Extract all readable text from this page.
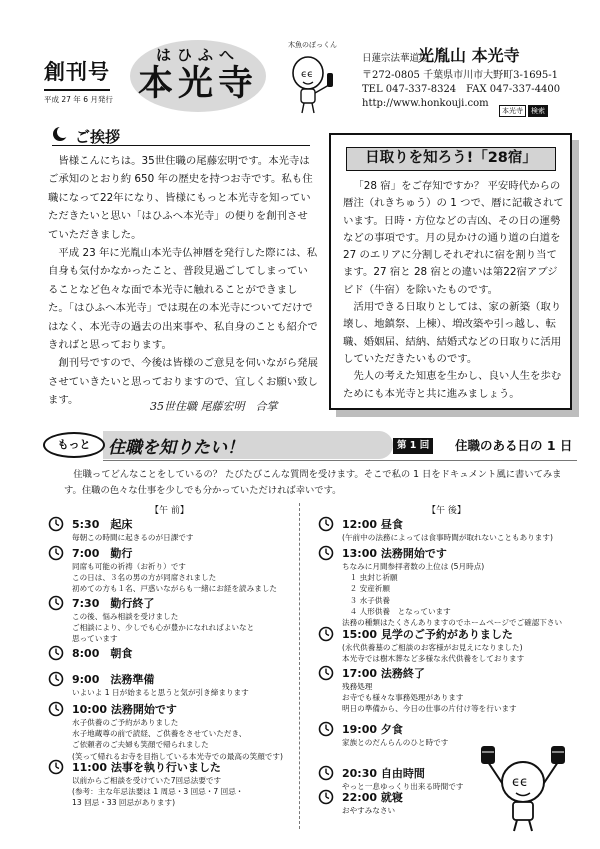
創刊号
平成 27 年 6 月発行
はひふへ
本光寺
木魚のぼっくん
ϵϵ
日蓮宗法華道場
光胤山 本光寺
〒272-0805 千葉県市川市大野町3-1695-1
TEL 047-337-8324　FAX 047-337-4400
http://www.honkouji.com
本光寺 検索
ご挨拶

皆様こんにちは。35世住職の尾藤宏明です。本光寺はご承知のとおり約 650 年の歴史を持つお寺です。私も住職になって22年になり、皆様にもっと本光寺を知っていただきたいと思い「はひふへ本光寺」の便りを創刊させていただきました。

平成 23 年に光胤山本光寺仏神暦を発行した際には、私自身も気付かなかったこと、普段見過ごしてしまっていることなど色々な面で本光寺に触れることができました。「はひふへ本光寺」では現在の本光寺についてだけではなく、本光寺の過去の出来事や、私自身のことも紹介できればと思っております。

創刊号ですので、今後は皆様のご意見を伺いながら発展させていきたいと思っておりますので、宜しくお願い致します。	35世住職 尾藤宏明　合掌
日取りを知ろう!「28宿」

「28 宿」をご存知ですか？ 平安時代からの暦注（れきちゅう）の 1 つで、暦に記載されています。日時・方位などの吉凶、その日の運勢などの事項です。月の見かけの通り道の白道を 27 のエリアに分割しそれぞれに宿を割り当てます。27 宿と 28 宿との違いは第22宿アブジビド（牛宿）を除いたものです。

活用できる日取りとしては、家の新築（取り壊し、地鎮祭、上棟）、増改築や引っ越し、転職、婚姻届、結納、結婚式などの日取りに活用していただきたいものです。

先人の考えた知恵を生かし、良い人生を歩むためにも本光寺と共に進みましょう。

もっと	住職を知りたい！	第 1 回	住職のある日の 1 日

住職ってどんなことをしているの？ たびたびこんな質問を受けます。そこで私の 1 日をドキュメント風に書いてみます。住職の色々な仕事を少しでも分かっていただければ幸いです。

【午 前】	【午 後】
5:30　起床
毎朝この時間に起きるのが日課です
7:00　勤行
同席も可能の祈祷（お祈り）です
この日は、３名の男の方が同席されました
初めての方も１名、戸惑いながらも一緒にお経を読みました
7:30　勤行終了
この後、悩み相談を受けました
ご相談により、少しでも心が豊かになれればよいなと
思っています
8:00　朝食
9:00　法務準備
いよいよ 1 日が始まると思うと気が引き締まります
10:00 法務開始です
水子供養のご予約がありました
水子地蔵尊の前で読経、ご供養をさせていただき、
ご依頼者のご夫婦も笑顔で帰られました
(笑って帰れるお寺を目指している本光寺での最高の笑顔です)
11:00 法事を執り行いました
以前からご相談を受けていた7回忌法要です
(参考：主な年忌法要は 1 周忌・3 回忌・7 回忌・
13 回忌・33 回忌があります)
12:00 昼食
(午前中の法務によっては食事時間が取れないこともあります)
13:00 法務開始です
ちなみに月間参拝者数の上位は (5月時点)
　１ 虫封じ祈願
　２ 安産祈願
　３ 水子供養
　４ 人形供養　となっています
法務の種類はたくさんありますのでホームページでご確認下さい
15:00 見学のご予約がありました
(永代供養墓のご相談のお客様がお見えになりました)
本光寺では樹木葬など多様な永代供養をしております
17:00 法務終了
残務処理
お寺でも様々な事務処理があります
明日の準備から、今日の仕事の片付け等を行います
19:00 夕食
家族とのだんらんのひと時です
20:30 自由時間
やっと一息ゆっくり出来る時間です
22:00 就寝
おやすみなさい
ϵϵ
